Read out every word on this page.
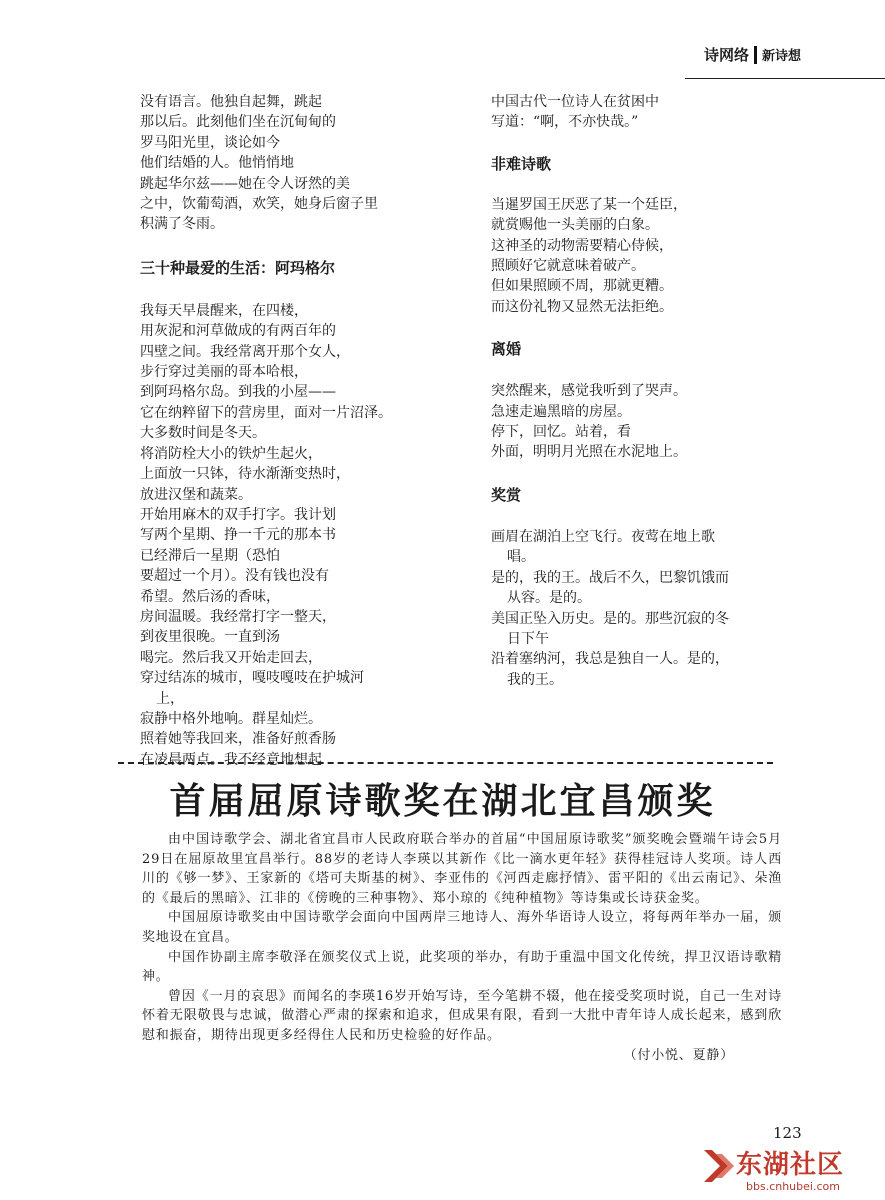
诗网络 新诗想
没有语言。他独自起舞，跳起
那以后。此刻他们坐在沉甸甸的
罗马阳光里，谈论如今
他们结婚的人。他悄悄地
跳起华尔兹——她在令人讶然的美
之中，饮葡萄酒，欢笑，她身后窗子里
积满了冬雨。
三十种最爱的生活：阿玛格尔
我每天早晨醒来，在四楼，
用灰泥和河草做成的有两百年的
四壁之间。我经常离开那个女人，
步行穿过美丽的哥本哈根，
到阿玛格尔岛。到我的小屋——
它在纳粹留下的营房里，面对一片沼泽。
大多数时间是冬天。
将消防栓大小的铁炉生起火，
上面放一只钵，待水渐渐变热时，
放进汉堡和蔬菜。
开始用麻木的双手打字。我计划
写两个星期、挣一千元的那本书
已经滞后一星期（恐怕
要超过一个月）。没有钱也没有
希望。然后汤的香味，
房间温暖。我经常打字一整天，
到夜里很晚。一直到汤
喝完。然后我又开始走回去，
穿过结冻的城市，嘎吱嘎吱在护城河
上，
寂静中格外地响。群星灿烂。
照着她等我回来，准备好煎香肠
在凌晨两点。我不经意地想起
中国古代一位诗人在贫困中
写道：“啊，不亦快哉。”
非难诗歌
当暹罗国王厌恶了某一个廷臣，
就赏赐他一头美丽的白象。
这神圣的动物需要精心侍候，
照顾好它就意味着破产。
但如果照顾不周，那就更糟。
而这份礼物又显然无法拒绝。
离婚
突然醒来，感觉我听到了哭声。
急速走遍黑暗的房屋。
停下，回忆。站着，看
外面，明明月光照在水泥地上。
奖赏
画眉在湖泊上空飞行。夜莺在地上歌
唱。
是的，我的王。战后不久，巴黎饥饿而
从容。是的。
美国正坠入历史。是的。那些沉寂的冬
日下午
沿着塞纳河，我总是独自一人。是的，
我的王。
首届屈原诗歌奖在湖北宜昌颁奖

由中国诗歌学会、湖北省宜昌市人民政府联合举办的首届“中国屈原诗歌奖”颁奖晚会暨端午诗会5月29日在屈原故里宜昌举行。88岁的老诗人李瑛以其新作《比一滴水更年轻》获得桂冠诗人奖项。诗人西川的《够一梦》、王家新的《塔可夫斯基的树》、李亚伟的《河西走廊抒情》、雷平阳的《出云南记》、朵渔的《最后的黑暗》、江非的《傍晚的三种事物》、郑小琼的《纯种植物》等诗集或长诗获金奖。

中国屈原诗歌奖由中国诗歌学会面向中国两岸三地诗人、海外华语诗人设立，将每两年举办一届，颁奖地设在宜昌。

中国作协副主席李敬泽在颁奖仪式上说，此奖项的举办，有助于重温中国文化传统，捍卫汉语诗歌精神。

曾因《一月的哀思》而闻名的李瑛16岁开始写诗，至今笔耕不辍，他在接受奖项时说，自己一生对诗怀着无限敬畏与忠诚，做潜心严肃的探索和追求，但成果有限，看到一大批中青年诗人成长起来，感到欣慰和振奋，期待出现更多经得住人民和历史检验的好作品。

（付小悦、夏静）
123
东湖社区
bbs.cnhubei.com
